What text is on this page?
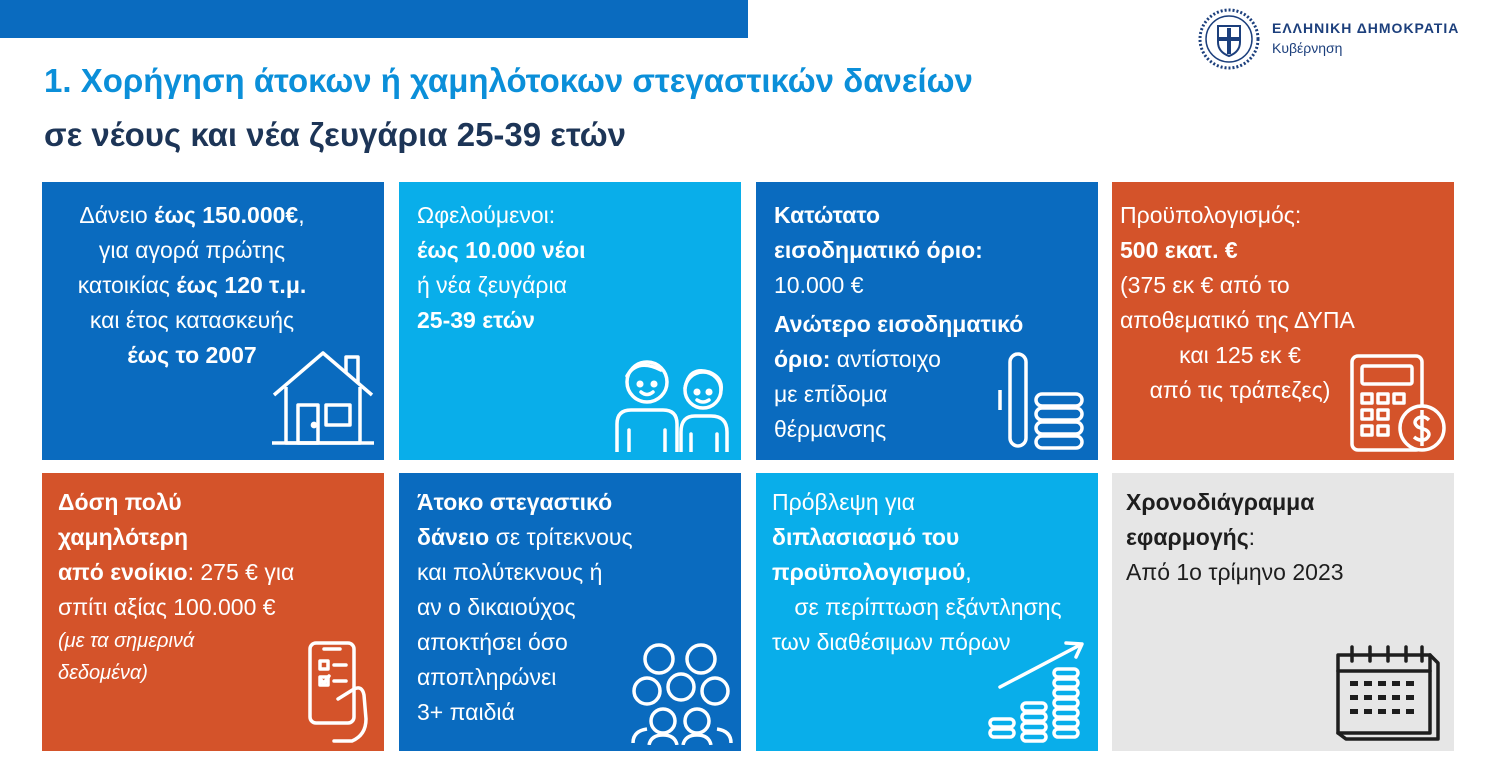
ΕΛΛΗΝΙΚΗ ΔΗΜΟΚΡΑΤΙΑ
Κυβέρνηση
1. Χορήγηση άτοκων ή χαμηλότοκων στεγαστικών δανείων
σε νέους και νέα ζευγάρια 25-39 ετών
Δάνειο έως 150.000€,
για αγορά πρώτης
κατοικίας έως 120 τ.μ.
και έτος κατασκευής
έως το 2007
Ωφελούμενοι:
έως 10.000 νέοι
ή νέα ζευγάρια
25-39 ετών
Κατώτατο
εισοδηματικό όριο:
10.000 €
Ανώτερο εισοδηματικό
όριο: αντίστοιχο
με επίδομα
θέρμανσης
Προϋπολογισμός:
500 εκατ. €
(375 εκ € από το
αποθεματικό της ΔΥΠΑ
και 125 εκ €
από τις τράπεζες)
Δόση πολύ
χαμηλότερη
από ενοίκιο: 275 € για
σπίτι αξίας 100.000 €
(με τα σημερινά
δεδομένα)
Άτοκο στεγαστικό
δάνειο σε τρίτεκνους
και πολύτεκνους ή
αν ο δικαιούχος
αποκτήσει όσο
αποπληρώνει
3+ παιδιά
Πρόβλεψη για
διπλασιασμό του
προϋπολογισμού,
σε περίπτωση εξάντλησης
των διαθέσιμων πόρων
Χρονοδιάγραμμα
εφαρμογής:
Από 1ο τρίμηνο 2023
